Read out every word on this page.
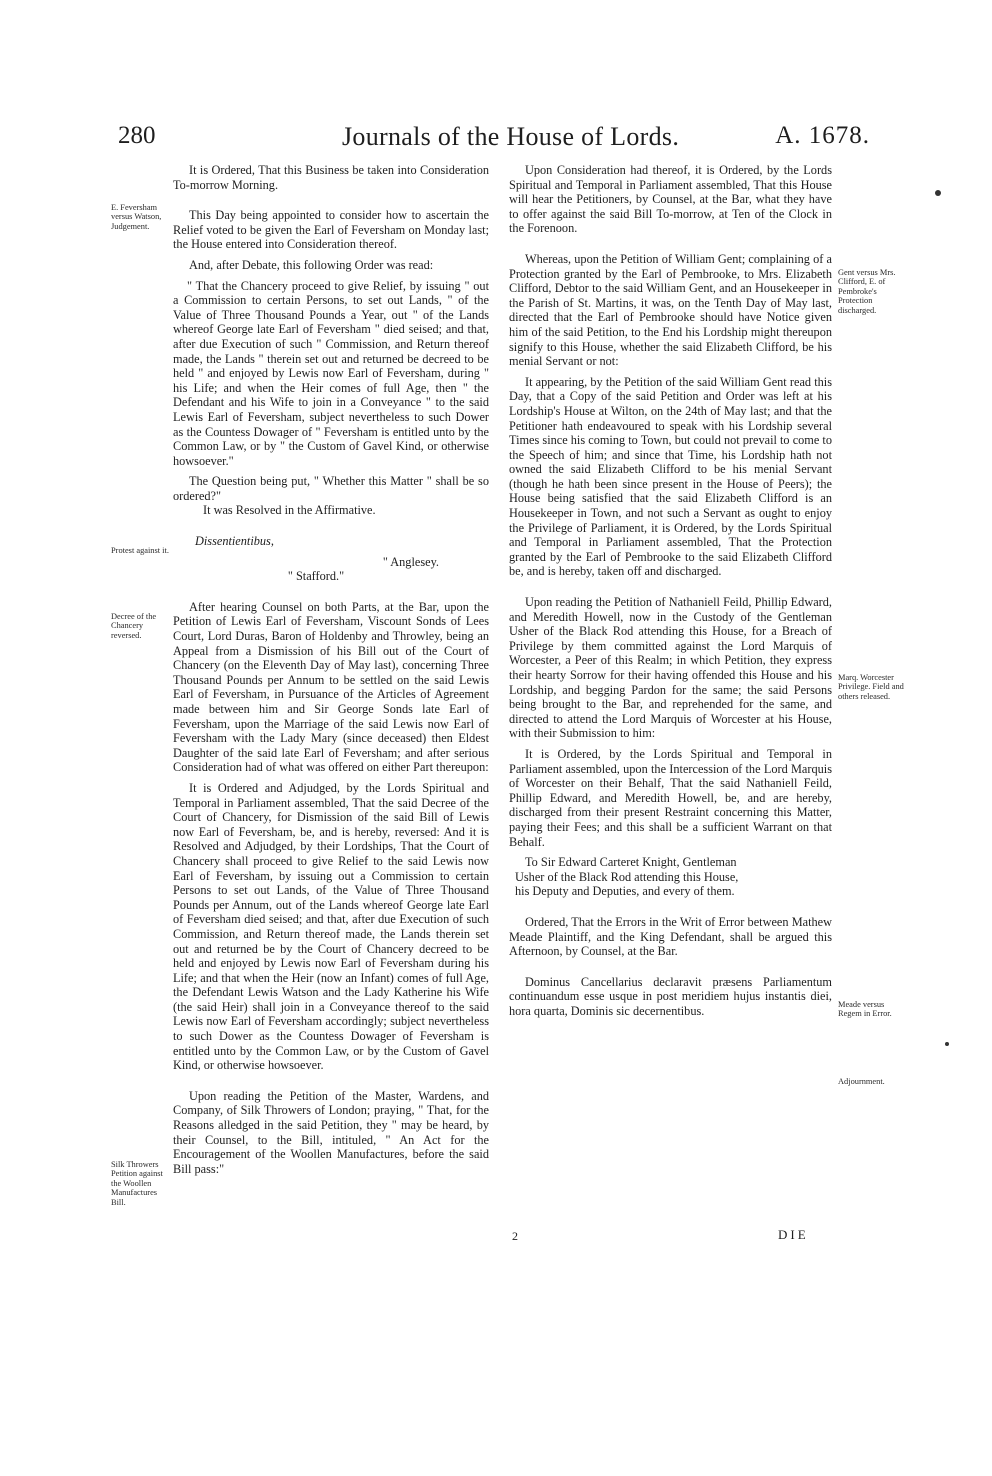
280	Journals of the House of Lords.	A. 1678.

It is Ordered, That this Business be taken into Consideration To-morrow Morning.

This Day being appointed to consider how to ascertain the Relief voted to be given the Earl of Feversham on Monday last; the House entered into Consideration thereof.

And, after Debate, this following Order was read:

" That the Chancery proceed to give Relief, by issuing " out a Commission to certain Persons, to set out Lands, " of the Value of Three Thousand Pounds a Year, out " of the Lands whereof George late Earl of Feversham " died seised; and that, after due Execution of such " Commission, and Return thereof made, the Lands " therein set out and returned be decreed to be held " and enjoyed by Lewis now Earl of Feversham, during " his Life; and when the Heir comes of full Age, then " the Defendant and his Wife to join in a Conveyance " to the said Lewis Earl of Feversham, subject nevertheless to such Dower as the Countess Dowager of " Feversham is entitled unto by the Common Law, or by " the Custom of Gavel Kind, or otherwise howsoever."

The Question being put, " Whether this Matter " shall be so ordered?"

It was Resolved in the Affirmative.

Dissentientibus,

" Anglesey.

" Stafford."

After hearing Counsel on both Parts, at the Bar, upon the Petition of Lewis Earl of Feversham, Viscount Sonds of Lees Court, Lord Duras, Baron of Holdenby and Throwley, being an Appeal from a Dismission of his Bill out of the Court of Chancery (on the Eleventh Day of May last), concerning Three Thousand Pounds per Annum to be settled on the said Lewis Earl of Feversham, in Pursuance of the Articles of Agreement made between him and Sir George Sonds late Earl of Feversham, upon the Marriage of the said Lewis now Earl of Feversham with the Lady Mary (since deceased) then Eldest Daughter of the said late Earl of Feversham; and after serious Consideration had of what was offered on either Part thereupon:

It is Ordered and Adjudged, by the Lords Spiritual and Temporal in Parliament assembled, That the said Decree of the Court of Chancery, for Dismission of the said Bill of Lewis now Earl of Feversham, be, and is hereby, reversed: And it is Resolved and Adjudged, by their Lordships, That the Court of Chancery shall proceed to give Relief to the said Lewis now Earl of Feversham, by issuing out a Commission to certain Persons to set out Lands, of the Value of Three Thousand Pounds per Annum, out of the Lands whereof George late Earl of Feversham died seised; and that, after due Execution of such Commission, and Return thereof made, the Lands therein set out and returned be by the Court of Chancery decreed to be held and enjoyed by Lewis now Earl of Feversham during his Life; and that when the Heir (now an Infant) comes of full Age, the Defendant Lewis Watson and the Lady Katherine his Wife (the said Heir) shall join in a Conveyance thereof to the said Lewis now Earl of Feversham accordingly; subject nevertheless to such Dower as the Countess Dowager of Feversham is entitled unto by the Common Law, or by the Custom of Gavel Kind, or otherwise howsoever.

Upon reading the Petition of the Master, Wardens, and Company, of Silk Throwers of London; praying, " That, for the Reasons alledged in the said Petition, they " may be heard, by their Counsel, to the Bill, intituled, " An Act for the Encouragement of the Woollen Manufactures, before the said Bill pass:"

Upon Consideration had thereof, it is Ordered, by the Lords Spiritual and Temporal in Parliament assembled, That this House will hear the Petitioners, by Counsel, at the Bar, what they have to offer against the said Bill To-morrow, at Ten of the Clock in the Forenoon.

Whereas, upon the Petition of William Gent; complaining of a Protection granted by the Earl of Pembrooke, to Mrs. Elizabeth Clifford, Debtor to the said William Gent, and an Housekeeper in the Parish of St. Martins, it was, on the Tenth Day of May last, directed that the Earl of Pembrooke should have Notice given him of the said Petition, to the End his Lordship might thereupon signify to this House, whether the said Elizabeth Clifford, be his menial Servant or not:

It appearing, by the Petition of the said William Gent read this Day, that a Copy of the said Petition and Order was left at his Lordship's House at Wilton, on the 24th of May last; and that the Petitioner hath endeavoured to speak with his Lordship several Times since his coming to Town, but could not prevail to come to the Speech of him; and since that Time, his Lordship hath not owned the said Elizabeth Clifford to be his menial Servant (though he hath been since present in the House of Peers); the House being satisfied that the said Elizabeth Clifford is an Housekeeper in Town, and not such a Servant as ought to enjoy the Privilege of Parliament, it is Ordered, by the Lords Spiritual and Temporal in Parliament assembled, That the Protection granted by the Earl of Pembrooke to the said Elizabeth Clifford be, and is hereby, taken off and discharged.

Upon reading the Petition of Nathaniell Feild, Phillip Edward, and Meredith Howell, now in the Custody of the Gentleman Usher of the Black Rod attending this House, for a Breach of Privilege by them committed against the Lord Marquis of Worcester, a Peer of this Realm; in which Petition, they express their hearty Sorrow for their having offended this House and his Lordship, and begging Pardon for the same; the said Persons being brought to the Bar, and reprehended for the same, and directed to attend the Lord Marquis of Worcester at his House, with their Submission to him:

It is Ordered, by the Lords Spiritual and Temporal in Parliament assembled, upon the Intercession of the Lord Marquis of Worcester on their Behalf, That the said Nathaniell Feild, Phillip Edward, and Meredith Howell, be, and are hereby, discharged from their present Restraint concerning this Matter, paying their Fees; and this shall be a sufficient Warrant on that Behalf.

To Sir Edward Carteret Knight, Gentleman

Usher of the Black Rod attending this House,

his Deputy and Deputies, and every of them.

Ordered, That the Errors in the Writ of Error between Mathew Meade Plaintiff, and the King Defendant, shall be argued this Afternoon, by Counsel, at the Bar.

Dominus Cancellarius declaravit præsens Parliamentum continuandum esse usque in post meridiem hujus instantis diei, hora quarta, Dominis sic decernentibus.

E. Feversham versus Watson, Judgement.
Protest against it.
Decree of the Chancery reversed.
Silk Throwers Petition against the Woollen Manufactures Bill.
Gent versus Mrs. Clifford, E. of Pembroke's Protection discharged.
Marq. Worcester Privilege. Field and others released.
Meade versus Regem in Error.
Adjournment.
2	DIE
